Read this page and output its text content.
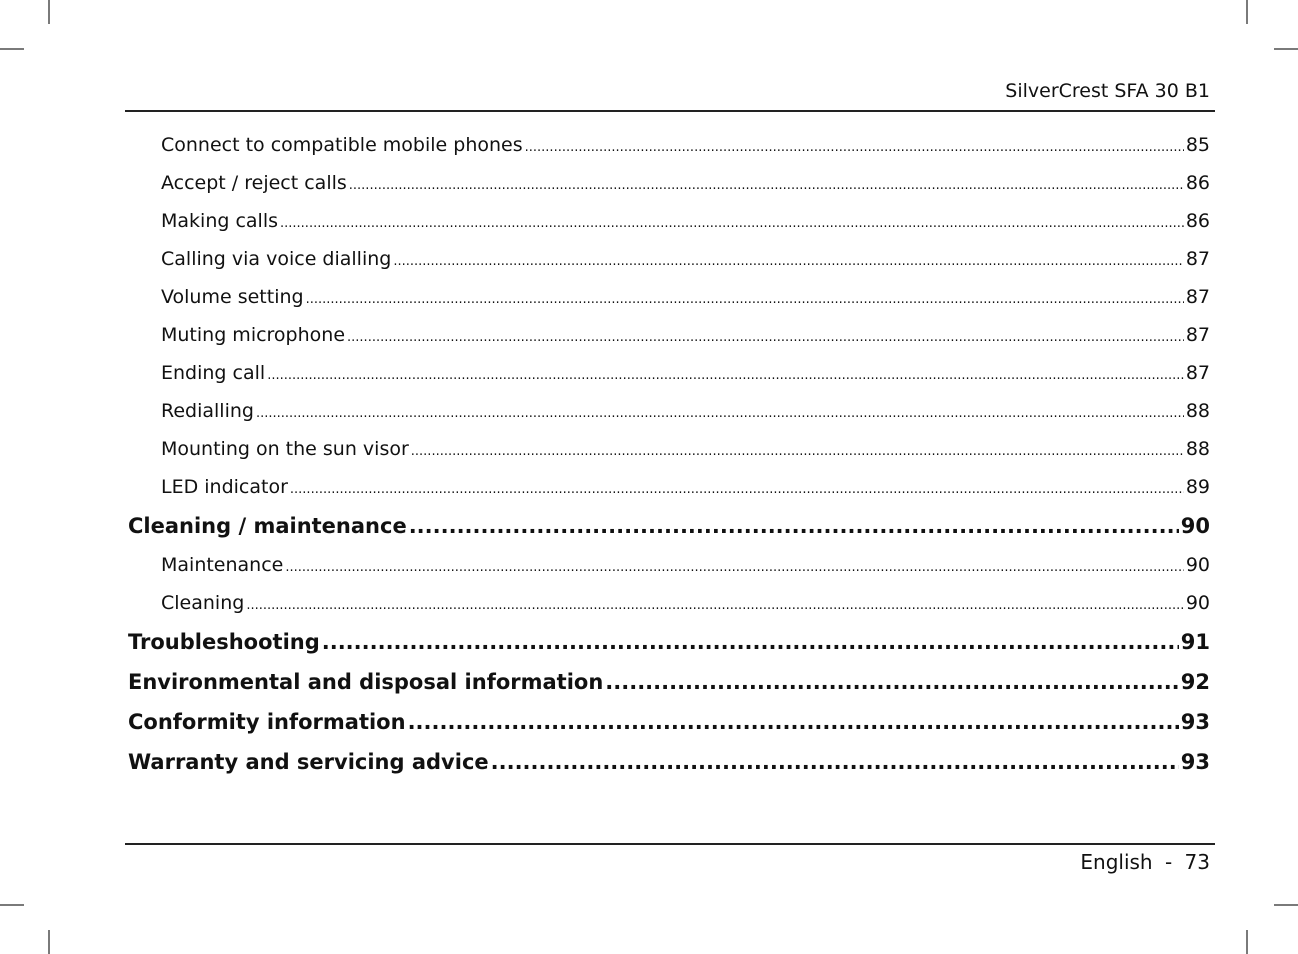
SilverCrest SFA 30 B1
Connect to compatible mobile phones .....	85
Accept / reject calls .....	86
Making calls .....	86
Calling via voice dialling .....	87
Volume setting .....	87
Muting microphone .....	87
Ending call .....	87
Redialling .....	88
Mounting on the sun visor .....	88
LED indicator .....	89
Cleaning / maintenance .....	90
Maintenance .....	90
Cleaning .....	90
Troubleshooting .....	91
Environmental and disposal information .....	92
Conformity information .....	93
Warranty and servicing advice .....	93
English - 73
